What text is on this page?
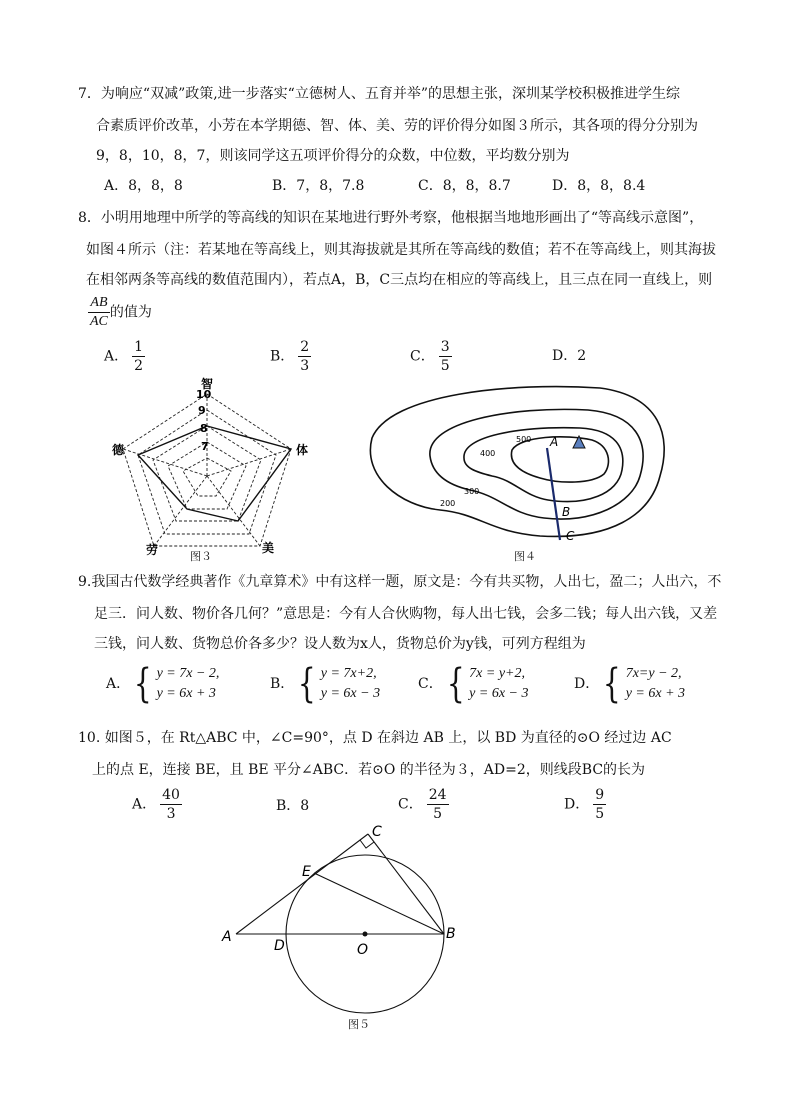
7．为响应“双减”政策,进一步落实“立德树人、五育并举”的思想主张，深圳某学校积极推进学生综
合素质评价改革，小芳在本学期德、智、体、美、劳的评价得分如图３所示，其各项的得分分别为
9，8，10，8，7，则该同学这五项评价得分的众数，中位数，平均数分别为
A．8，8，8	B．7，8，7.8	C．8，8，8.7	D．8，8，8.4
8．小明用地理中所学的等高线的知识在某地进行野外考察，他根据当地地形画出了“等高线示意图”，
如图４所示（注：若某地在等高线上，则其海拔就是其所在等高线的数值；若不在等高线上，则其海拔
在相邻两条等高线的数值范围内），若点A，B，C三点均在相应的等高线上，且三点在同一直线上，则
$\frac{AB}{AC}$ 的值为
A． $\frac{1}{2}$	B． $\frac{2}{3}$	C． $\frac{3}{5}$	D．2
智
体
美
劳
德
10
9
8
7
图３
500
400
300
200
A
B
C
图４
9.我国古代数学经典著作《九章算术》中有这样一题，原文是：今有共买物，人出七，盈二；人出六，不
足三．问人数、物价各几何？”意思是：今有人合伙购物，每人出七钱，会多二钱；每人出六钱，又差
三钱，问人数、货物总价各多少？设人数为x人，货物总价为y钱，可列方程组为
A． { y = 7x − 2,
y = 6x + 3
B． { y = 7x+2,
y = 6x − 3
C． { 7x = y+2,
y = 6x − 3
D． { 7x=y − 2,
y = 6x + 3
10. 如图５，在 Rt△ABC 中，∠C=90°，点 D 在斜边 AB 上，以 BD 为直径的⊙O 经过边 AC
上的点 E，连接 BE，且 BE 平分∠ABC．若⊙O 的半径为３，AD=2，则线段BC的长为
A． $\frac{40}{3}$	B．8	C． $\frac{24}{5}$	D． $\frac{9}{5}$
A	B
C
D
E
O
图５
